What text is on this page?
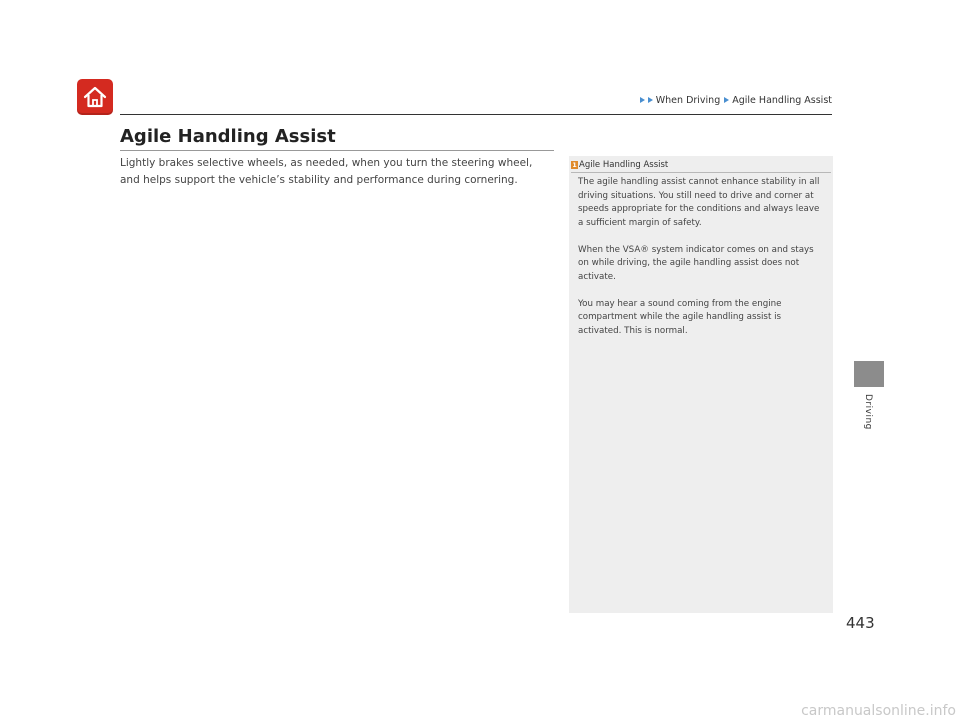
When Driving Agile Handling Assist
Agile Handling Assist

Lightly brakes selective wheels, as needed, when you turn the steering wheel, and helps support the vehicle’s stability and performance during cornering.

1 Agile Handling Assist

The agile handling assist cannot enhance stability in all driving situations. You still need to drive and corner at speeds appropriate for the conditions and always leave a sufficient margin of safety.

When the VSA® system indicator comes on and stays on while driving, the agile handling assist does not activate.

You may hear a sound coming from the engine compartment while the agile handling assist is activated. This is normal.

Driving
443
carmanualsonline.info
